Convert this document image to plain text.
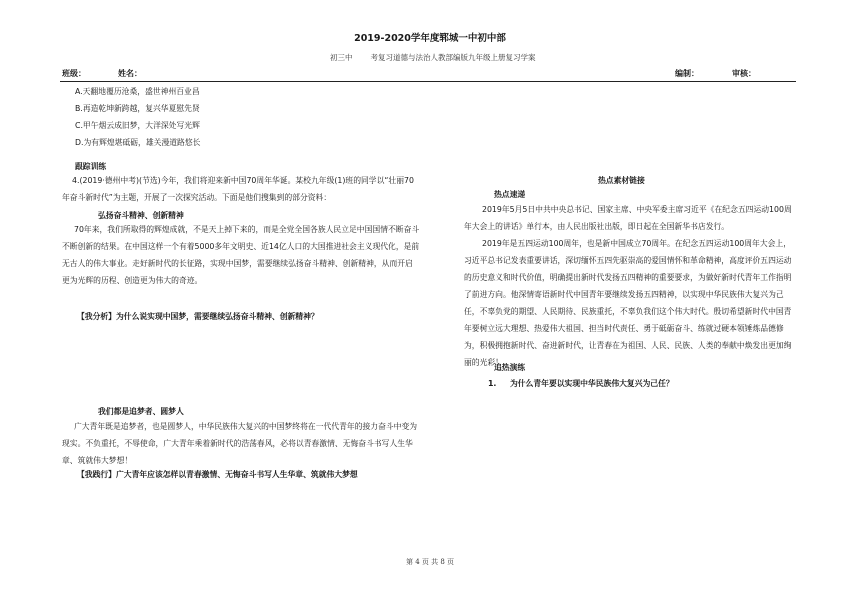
2019-2020学年度郓城一中初中部
初三中 考复习道德与法治人教部编版九年级上册复习学案
班级：	姓名：	编制：	审核：
A.天翻地覆历沧桑，盛世神州百业昌
B.再造乾坤新跨越，复兴华夏慰先贤
C.甲午烟云成旧梦，大洋深处写光辉
D.为有辉煌堪砥砺，雄关漫道路悠长
跟踪训练
4.(2019·德州中考)(节选)今年，我们将迎来新中国70周年华诞。某校九年级(1)班的同学以“壮丽70年奋斗新时代”为主题，开展了一次探究活动。下面是他们搜集到的部分资料：
弘扬奋斗精神、创新精神
70年来，我们所取得的辉煌成就，不是天上掉下来的，而是全党全国各族人民立足中国国情不断奋斗不断创新的结果。在中国这样一个有着5000多年文明史、近14亿人口的大国推进社会主义现代化，是前无古人的伟大事业。走好新时代的长征路，实现中国梦，需要继续弘扬奋斗精神、创新精神，从而开启更为光辉的历程、创造更为伟大的奇迹。
【我分析】为什么说实现中国梦，需要继续弘扬奋斗精神、创新精神？
我们都是追梦者、圆梦人
广大青年既是追梦者，也是圆梦人，中华民族伟大复兴的中国梦终将在一代代青年的接力奋斗中变为现实。不负重托，不辱使命，广大青年乘着新时代的浩荡春风，必将以青春激情、无悔奋斗书写人生华章、筑就伟大梦想！
【我践行】广大青年应该怎样以青春激情、无悔奋斗书写人生华章、筑就伟大梦想
热点素材链接
热点速递
2019年5月5日中共中央总书记、国家主席、中央军委主席习近平《在纪念五四运动100周年大会上的讲话》单行本，由人民出版社出版，即日起在全国新华书店发行。
2019年是五四运动100周年，也是新中国成立70周年。在纪念五四运动100周年大会上，习近平总书记发表重要讲话，深切缅怀五四先驱崇高的爱国情怀和革命精神，高度评价五四运动的历史意义和时代价值，明确提出新时代发扬五四精神的重要要求，为做好新时代青年工作指明了前进方向。他深情寄语新时代中国青年要继续发扬五四精神，以实现中华民族伟大复兴为己任，不辜负党的期望、人民期待、民族重托，不辜负我们这个伟大时代。殷切希望新时代中国青年要树立远大理想、热爱伟大祖国、担当时代责任、勇于砥砺奋斗、练就过硬本领锤炼品德修为，积极拥抱新时代、奋进新时代，让青春在为祖国、人民、民族、人类的奉献中焕发出更加绚丽的光彩！
追热演练
1.     为什么青年要以实现中华民族伟大复兴为己任？
第 4 页 共 8 页
